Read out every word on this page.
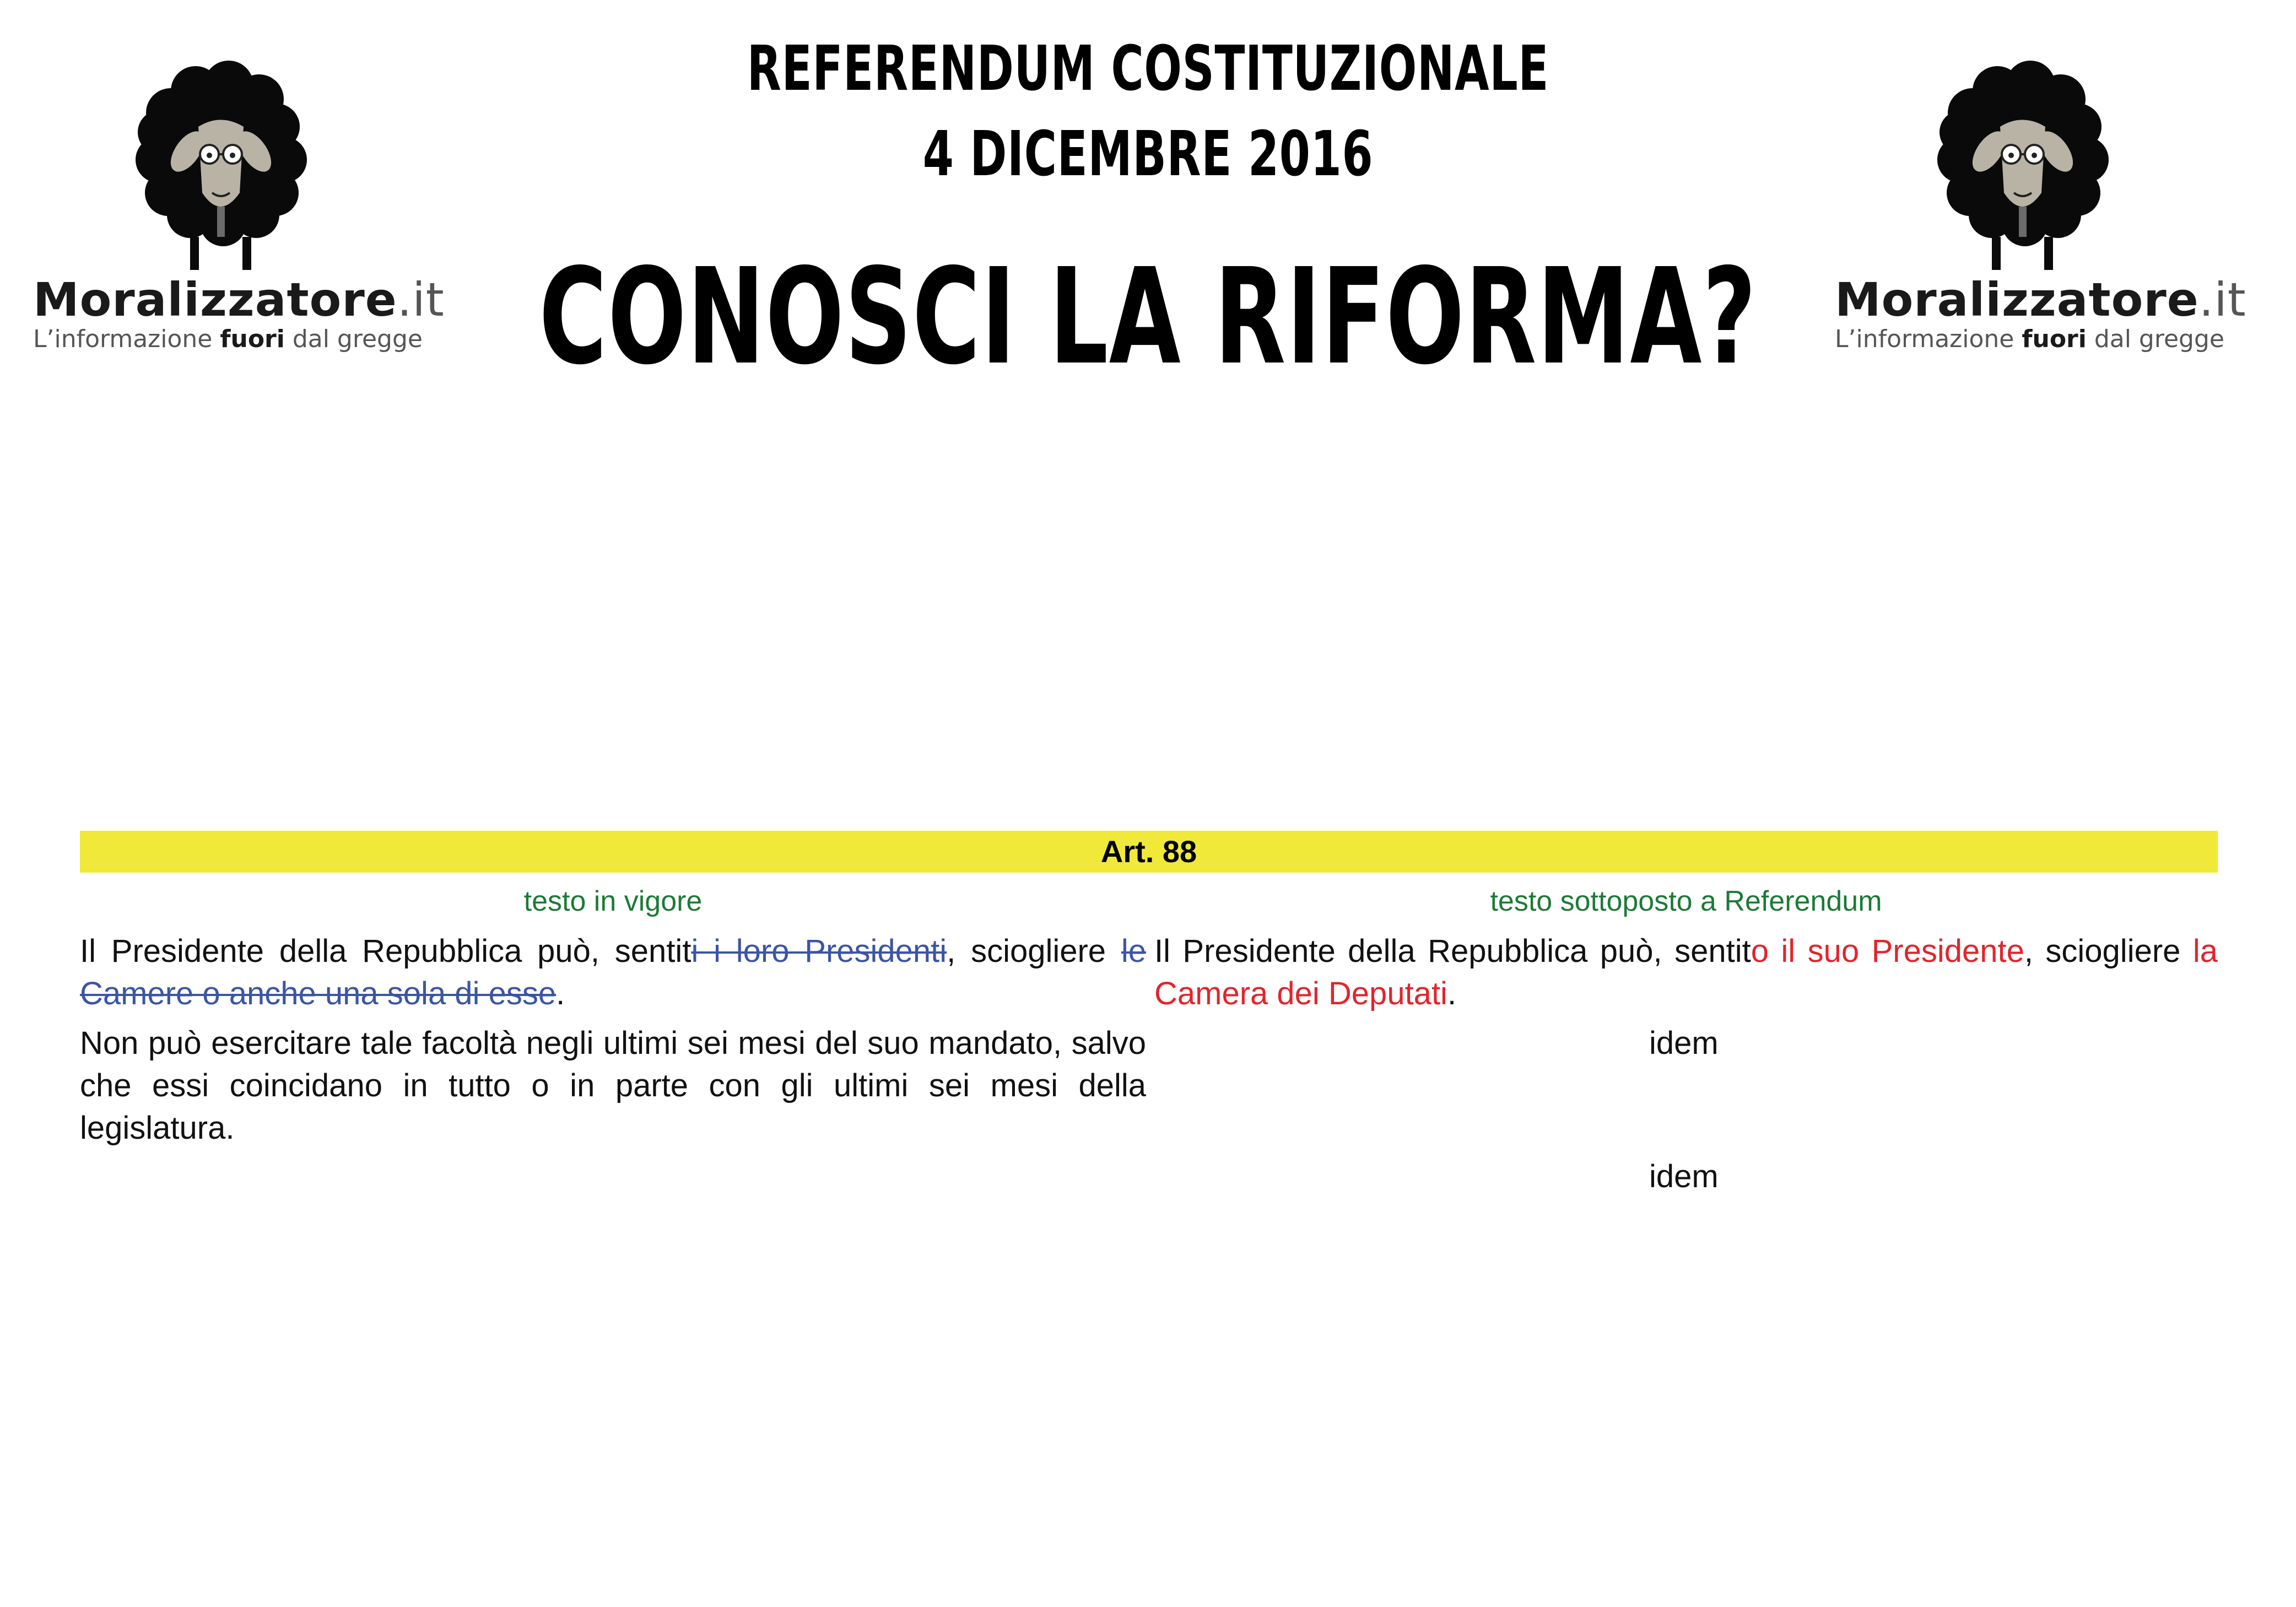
REFERENDUM COSTITUZIONALE
4 DICEMBRE 2016
CONOSCI LA RIFORMA?
Moralizzatore.it
L’informazione fuori dal gregge
Moralizzatore.it
L’informazione fuori dal gregge
Art. 88
testo in vigore	testo sottoposto a Referendum
Il Presidente della Repubblica può, sentiti i loro Presidenti, sciogliere le Camere o anche una sola di esse.
Non può esercitare tale facoltà negli ultimi sei mesi del suo mandato, salvo che essi coincidano in tutto o in parte con gli ultimi sei mesi della legislatura.
Il Presidente della Repubblica può, sentito il suo Presidente, sciogliere la Camera dei Deputati.
idem
idem
